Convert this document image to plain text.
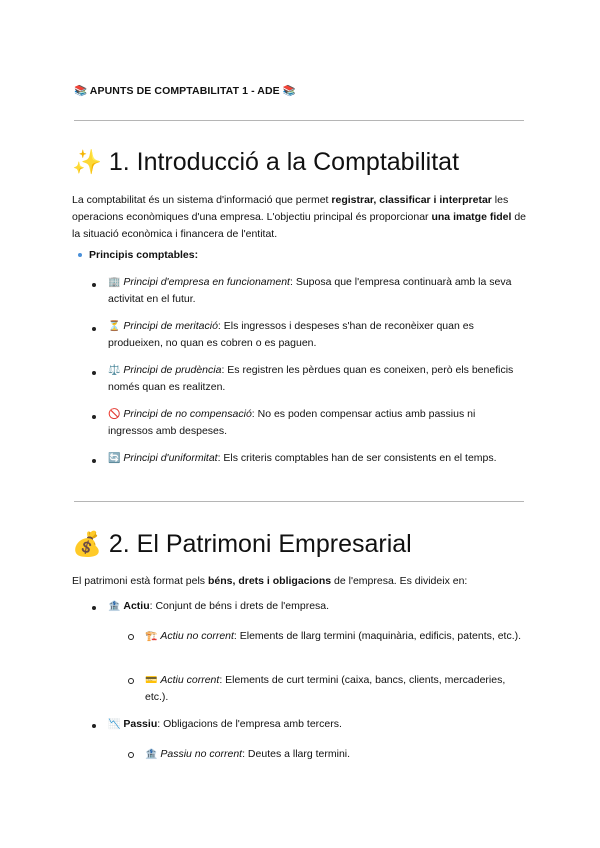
📚 APUNTS DE COMPTABILITAT 1 - ADE 📚
✨ 1. Introducció a la Comptabilitat

La comptabilitat és un sistema d'informació que permet registrar, classificar i interpretar les operacions econòmiques d'una empresa. L'objectiu principal és proporcionar una imatge fidel de la situació econòmica i financera de l'entitat.

Principis comptables:
🏢 Principi d'empresa en funcionament: Suposa que l'empresa continuarà amb la seva activitat en el futur.
⏳ Principi de meritació: Els ingressos i despeses s'han de reconèixer quan es produeixen, no quan es cobren o es paguen.
⚖️ Principi de prudència: Es registren les pèrdues quan es coneixen, però els beneficis només quan es realitzen.
🚫 Principi de no compensació: No es poden compensar actius amb passius ni ingressos amb despeses.
🔄 Principi d'uniformitat: Els criteris comptables han de ser consistents en el temps.
💰 2. El Patrimoni Empresarial

El patrimoni està format pels béns, drets i obligacions de l'empresa. Es divideix en:

🏦 Actiu: Conjunt de béns i drets de l'empresa.
🏗️ Actiu no corrent: Elements de llarg termini (maquinària, edificis, patents, etc.).
💳 Actiu corrent: Elements de curt termini (caixa, bancs, clients, mercaderies, etc.).
📉 Passiu: Obligacions de l'empresa amb tercers.
🏦 Passiu no corrent: Deutes a llarg termini.
